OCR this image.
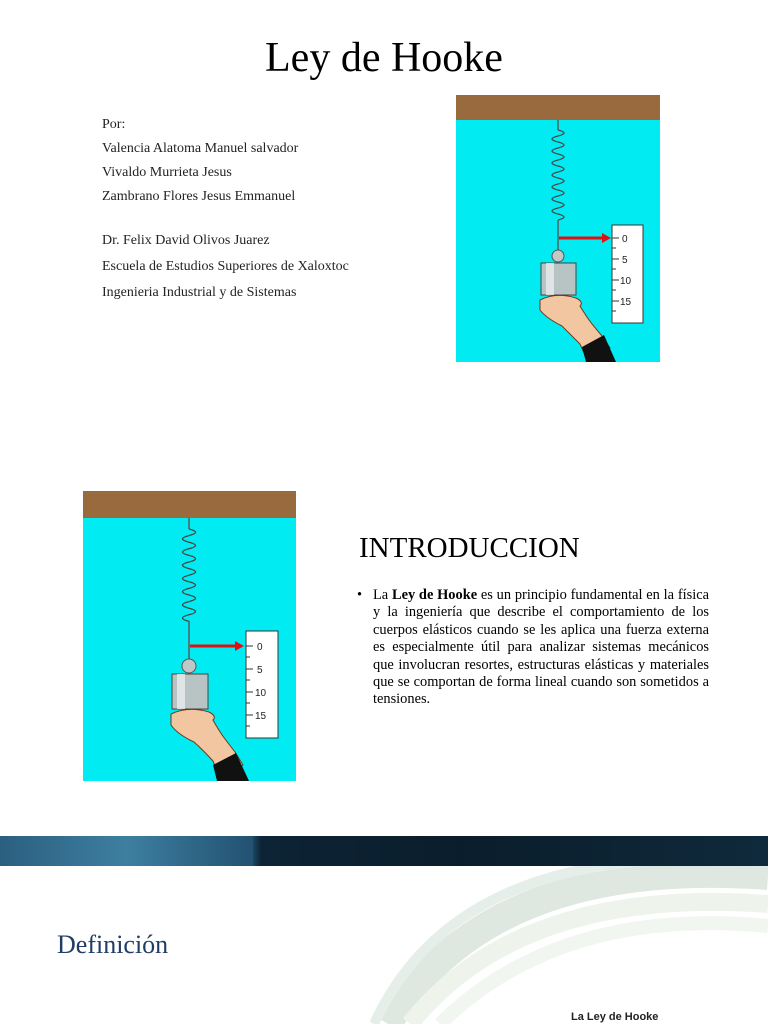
Ley de Hooke
Por:
Valencia Alatoma Manuel salvador
Vivaldo Murrieta Jesus
Zambrano Flores Jesus Emmanuel
Dr. Felix David Olivos Juarez
Escuela de Estudios Superiores de Xaloxtoc
Ingenieria Industrial y de Sistemas
0
5
10
15
0
5
10
15
INTRODUCCION
• La Ley de Hooke es un principio fundamental en la física y la ingeniería que describe el comportamiento de los cuerpos elásticos cuando se les aplica una fuerza externa es especialmente útil para analizar sistemas mecánicos que involucran resortes, estructuras elásticas y materiales que se comportan de forma lineal cuando son sometidos a tensiones.
Definición
La Ley de Hooke
